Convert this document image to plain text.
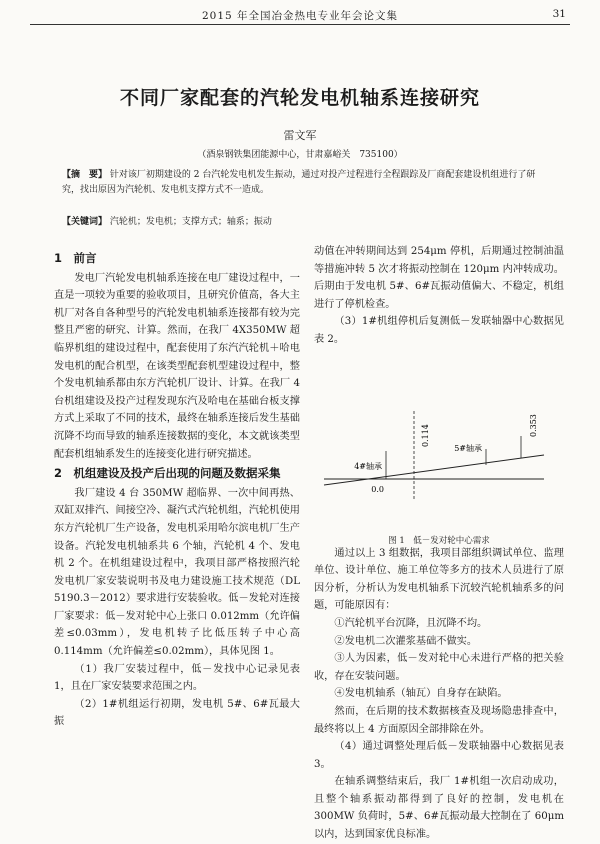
2015 年全国冶金热电专业年会论文集	31
不同厂家配套的汽轮发电机轴系连接研究
雷文军
（酒泉钢铁集团能源中心，甘肃嘉峪关　735100）
【摘　要】 针对该厂初期建设的 2 台汽轮发电机发生振动，通过对投产过程进行全程跟踪及厂商配套建设机组进行了研究，找出原因为汽轮机、发电机支撑方式不一造成。
【关键词】 汽轮机；发电机；支撑方式；轴系；振动
1　前言

发电厂汽轮发电机轴系连接在电厂建设过程中，一直是一项较为重要的验收项目，且研究价值高，各大主机厂对各自各种型号的汽轮发电机轴系连接都有较为完整且严密的研究、计算。然而，在我厂 4X350MW 超临界机组的建设过程中，配套使用了东汽汽轮机＋哈电发电机的配合机型，在该类型配套机型建设过程中，整个发电机轴系都由东方汽轮机厂设计、计算。在我厂 4 台机组建设及投产过程发现东汽及哈电在基础台板支撑方式上采取了不同的技术，最终在轴系连接后发生基础沉降不均而导致的轴系连接数据的变化，本文就该类型配套机组轴系发生的连接变化进行研究描述。

2　机组建设及投产后出现的问题及数据采集

我厂建设 4 台 350MW 超临界、一次中间再热、双缸双排汽、间接空冷、凝汽式汽轮机组，汽轮机使用东方汽轮机厂生产设备，发电机采用哈尔滨电机厂生产设备。汽轮发电机轴系共 6 个轴，汽轮机 4 个、发电机 2 个。在机组建设过程中，我项目部严格按照汽轮发电机厂家安装说明书及电力建设施工技术规范（DL 5190.3－2012）要求进行安装验收。低－发轮对连接厂家要求：低－发对轮中心上张口 0.012mm（允许偏差≤0.03mm），发电机转子比低压转子中心高 0.114mm（允许偏差≤0.02mm），具体见图 1。

（1）我厂安装过程中，低－发找中心记录见表 1，且在厂家安装要求范围之内。

（2）1#机组运行初期，发电机 5#、6#瓦最大振

动值在冲转期间达到 254μm 停机，后期通过控制油温等措施冲转 5 次才将振动控制在 120μm 内冲转成功。后期由于发电机 5#、6#瓦振动值偏大、不稳定，机组进行了停机检查。

（3）1#机组停机后复测低－发联轴器中心数据见表 2。

0.0
0.114
4#轴承
5#轴承
0.353
图 1　低－发对轮中心需求

通过以上 3 组数据，我项目部组织调试单位、监理单位、设计单位、施工单位等多方的技术人员进行了原因分析，分析认为发电机轴系下沉较汽轮机轴系多的问题，可能原因有：

①汽轮机平台沉降，且沉降不均。

②发电机二次灌浆基础不做实。

③人为因素，低－发对轮中心未进行严格的把关验收，存在安装问题。

④发电机轴系（轴瓦）自身存在缺陷。

然而，在后期的技术数据核查及现场隐患排查中，最终将以上 4 方面原因全部排除在外。

（4）通过调整处理后低－发联轴器中心数据见表 3。

在轴系调整结束后，我厂 1#机组一次启动成功，且整个轴系振动都得到了良好的控制，发电机在 300MW 负荷时，5#、6#瓦振动最大控制在了 60μm 以内，达到国家优良标准。
